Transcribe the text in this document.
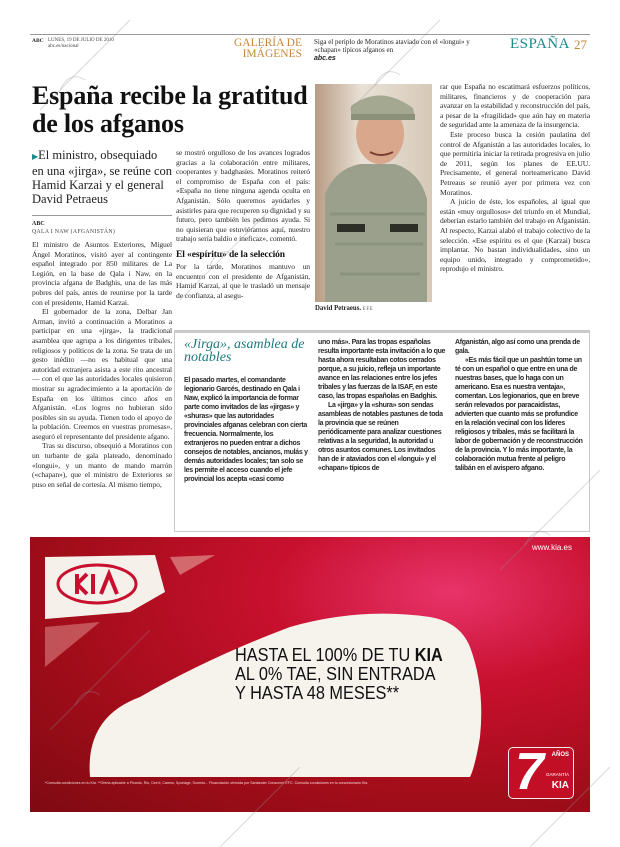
ABC LUNES, 19 DE JULIO DE 2010
abc.es/nacional	GALERÍA DE IMÁGENES
Siga el periplo de Moratinos ataviado con el «longui» y «chapan» típicos afganos en
abc.es
ESPAÑA 27
España recibe la gratitud de los afganos
▶El ministro, obsequiado en una «jirga», se reúne con Hamid Karzai y el general David Petraeus
ABC
QALA I NAW (AFGANISTÁN)

El ministro de Asuntos Exteriores, Miguel Ángel Moratinos, visitó ayer al contingente español integrado por 850 militares de La Legión, en la base de Qala i Naw, en la provincia afgana de Badghis, una de las más pobres del país, antes de reunirse por la tarde con el presidente, Hamid Karzai.

El gobernador de la zona, Delbar Jan Arman, invitó a continuación a Moratinos a participar en una «jirga», la tradicional asamblea que agrupa a los dirigentes tribales, religiosos y políticos de la zona. Se trata de un gesto inédito —no es habitual que una autoridad extranjera asista a este rito ancestral— con el que las autoridades locales quisieron mostrar su agradecimiento a la aportación de España en los últimos cinco años en Afganistán. «Los logros no hubieran sido posibles sin su ayuda. Tienen todo el apoyo de la población. Creemos en vuestras promesas», aseguró el representante del presidente afgano.

Tras su discurso, obsequió a Moratinos con un turbante de gala plateado, denominado «longui», y un manto de mando marrón («chapan»), que el ministro de Exteriores se puso en señal de cortesía. Al mismo tiempo,

se mostró orgulloso de los avances logrados gracias a la colaboración entre militares, cooperantes y badghasíes. Moratinos reiteró el compromiso de España con el país: «España no tiene ninguna agenda oculta en Afganistán. Sólo queremos ayudarles y asistirles para que recuperen su dignidad y su futuro, pero también les pedimos ayuda. Si no quisieran que estuviéramos aquí, nuestro trabajo sería baldío e ineficaz», comentó.

El «espíritu» de la selección

Por la tarde, Moratinos mantuvo un encuentro con el presidente de Afganistán, Hamid Karzai, al que le trasladó un mensaje de confianza, al asegu-

David Petraeus. EFE

rar que España no escatimará esfuerzos políticos, militares, financieros y de cooperación para avanzar en la estabilidad y reconstrucción del país, a pesar de la «fragilidad» que aún hay en materia de seguridad ante la amenaza de la insurgencia.

Este proceso busca la cesión paulatina del control de Afganistán a las autoridades locales, lo que permitiría iniciar la retirada progresiva en julio de 2011, según los planes de EE.UU. Precisamente, el general norteamericano David Petreaus se reunió ayer por primera vez con Moratinos.

A juicio de éste, los españoles, al igual que están «muy orgullosos» del triunfo en el Mundial, deberían estarlo también del trabajo en Afganistán. Al respecto, Karzai alabó el trabajo colectivo de la selección. «Ese espíritu es el que (Karzai) busca implantar. No bastan individualidades, sino un equipo unido, integrado y comprometido», reprodujo el ministro.

«Jirga», asamblea de notables

El pasado martes, el comandante legionario Garcés, destinado en Qala i Naw, explicó la importancia de formar parte como invitados de las «jirgas» y «shuras» que las autoridades provinciales afganas celebran con cierta frecuencia. Normalmente, los extranjeros no pueden entrar a dichos consejos de notables, ancianos, mulás y demás autoridades locales; tan solo se les permite el acceso cuando el jefe provincial los acepta «casi como

uno más». Para las tropas españolas resulta importante esta invitación a lo que hasta ahora resultaban cotos cerrados porque, a su juicio, refleja un importante avance en las relaciones entre los jefes tribales y las fuerzas de la ISAF, en este caso, las tropas españolas en Badghis.

La «jirga» y la «shura» son sendas asambleas de notables pastunes de toda la provincia que se reúnen periódicamente para analizar cuestiones relativas a la seguridad, la autoridad u otros asuntos comunes. Los invitados han de ir ataviados con el «longui» y el «chapan» típicos de

Afganistán, algo así como una prenda de gala.

«Es más fácil que un pashtún tome un té con un español o que entre en una de nuestras bases, que lo haga con un americano. Esa es nuestra ventaja», comentan. Los legionarios, que en breve serán relevados por paracaidistas, advierten que cuanto más se profundice en la relación vecinal con los líderes religiosos y tribales, más se facilitará la labor de gobernación y de reconstrucción de la provincia. Y lo más importante, la colaboración mutua frente al peligro talibán en el avispero afgano.

www.kia.es
HASTA EL 100% DE TU KIA
AL 0% TAE, SIN ENTRADA
Y HASTA 48 MESES**
*Consulta condiciones en tu Kia. **Oferta aplicable a Picanto, Rio, Cee'd, Carens, Sportage, Sorento... Financiación ofrecida por Santander Consumer EFC. Consulta condiciones en tu concesionario Kia.	7 AÑOS
GARANTÍA
KIA
